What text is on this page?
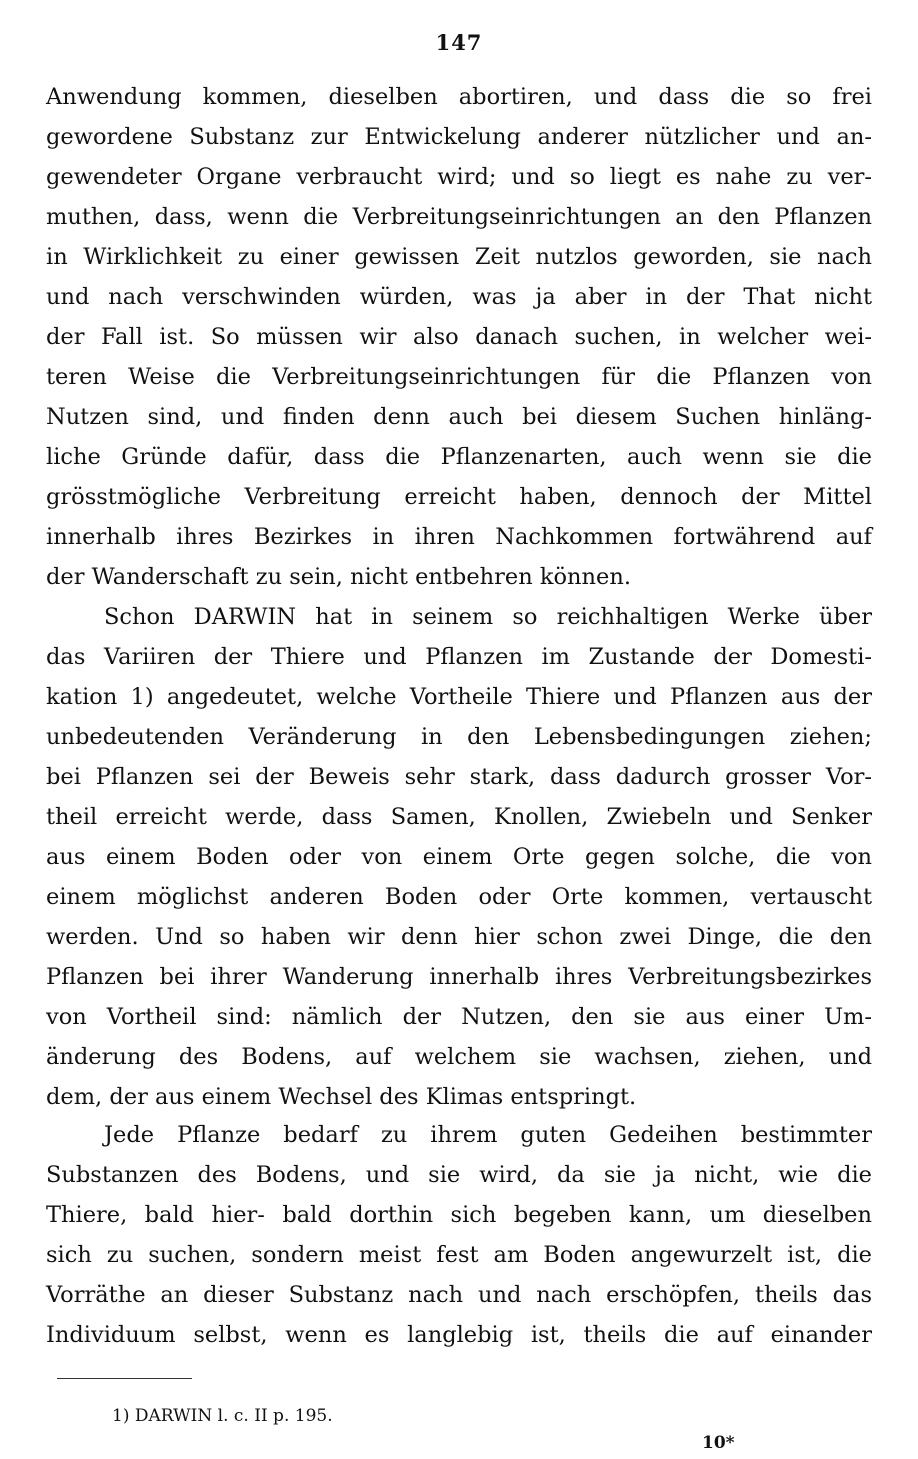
147
Anwendung kommen, dieselben abortiren, und dass die so frei
gewordene Substanz zur Entwickelung anderer nützlicher und an-
gewendeter Organe verbraucht wird; und so liegt es nahe zu ver-
muthen, dass, wenn die Verbreitungseinrichtungen an den Pflanzen
in Wirklichkeit zu einer gewissen Zeit nutzlos geworden, sie nach
und nach verschwinden würden, was ja aber in der That nicht
der Fall ist. So müssen wir also danach suchen, in welcher wei-
teren Weise die Verbreitungseinrichtungen für die Pflanzen von
Nutzen sind, und finden denn auch bei diesem Suchen hinläng-
liche Gründe dafür, dass die Pflanzenarten, auch wenn sie die
grösstmögliche Verbreitung erreicht haben, dennoch der Mittel
innerhalb ihres Bezirkes in ihren Nachkommen fortwährend auf
der Wanderschaft zu sein, nicht entbehren können.
Schon DARWIN hat in seinem so reichhaltigen Werke über
das Variiren der Thiere und Pflanzen im Zustande der Domesti-
kation 1) angedeutet, welche Vortheile Thiere und Pflanzen aus der
unbedeutenden Veränderung in den Lebensbedingungen ziehen;
bei Pflanzen sei der Beweis sehr stark, dass dadurch grosser Vor-
theil erreicht werde, dass Samen, Knollen, Zwiebeln und Senker
aus einem Boden oder von einem Orte gegen solche, die von
einem möglichst anderen Boden oder Orte kommen, vertauscht
werden. Und so haben wir denn hier schon zwei Dinge, die den
Pflanzen bei ihrer Wanderung innerhalb ihres Verbreitungsbezirkes
von Vortheil sind: nämlich der Nutzen, den sie aus einer Um-
änderung des Bodens, auf welchem sie wachsen, ziehen, und
dem, der aus einem Wechsel des Klimas entspringt.
Jede Pflanze bedarf zu ihrem guten Gedeihen bestimmter
Substanzen des Bodens, und sie wird, da sie ja nicht, wie die
Thiere, bald hier- bald dorthin sich begeben kann, um dieselben
sich zu suchen, sondern meist fest am Boden angewurzelt ist, die
Vorräthe an dieser Substanz nach und nach erschöpfen, theils das
Individuum selbst, wenn es langlebig ist, theils die auf einander
1) DARWIN l. c. II p. 195.
10*
